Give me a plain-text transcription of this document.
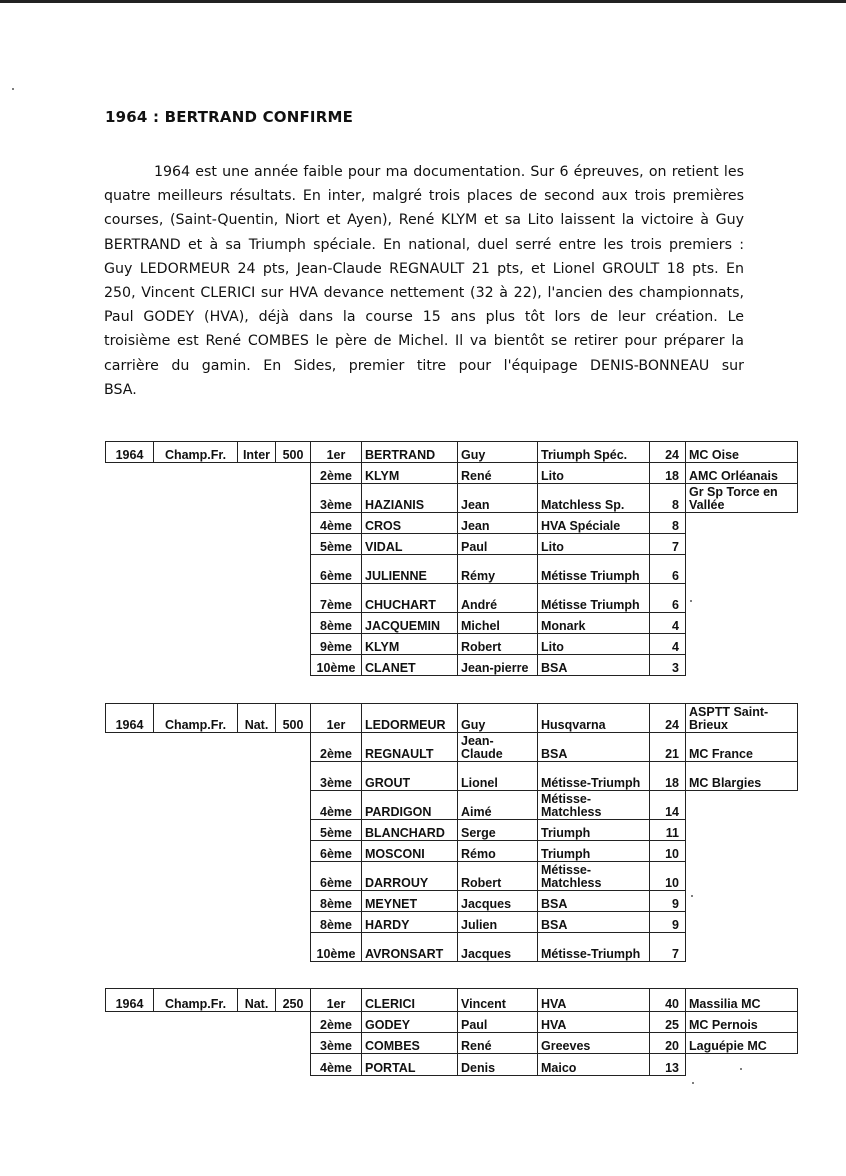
1964 : BERTRAND CONFIRME
1964 est une année faible pour ma documentation. Sur 6 épreuves, on retient les
quatre meilleurs résultats. En inter, malgré trois places de second aux trois premières
courses, (Saint-Quentin, Niort et Ayen), René KLYM et sa Lito laissent la victoire à Guy
BERTRAND et à sa Triumph spéciale. En national, duel serré entre les trois premiers :
Guy LEDORMEUR 24 pts, Jean-Claude REGNAULT 21 pts, et Lionel GROULT 18 pts. En
250, Vincent CLERICI sur HVA devance nettement (32 à 22), l'ancien des championnats,
Paul GODEY (HVA), déjà dans la course 15 ans plus tôt lors de leur création. Le
troisième est René COMBES le père de Michel. Il va bientôt se retirer pour préparer la
carrière du gamin. En Sides, premier titre pour l'équipage DENIS-BONNEAU sur
BSA.
1964	Champ.Fr.	Inter	500	1er	BERTRAND	Guy	Triumph Spéc.	24	MC Oise
				2ème	KLYM	René	Lito	18	AMC Orléanais
				3ème	HAZIANIS	Jean	Matchless Sp.	8	Gr Sp Torce en Vallée
				4ème	CROS	Jean	HVA Spéciale	8	
				5ème	VIDAL	Paul	Lito	7	
				6ème	JULIENNE	Rémy	Métisse Triumph	6	
				7ème	CHUCHART	André	Métisse Triumph	6	
				8ème	JACQUEMIN	Michel	Monark	4	
				9ème	KLYM	Robert	Lito	4	
				10ème	CLANET	Jean-pierre	BSA	3	
1964	Champ.Fr.	Nat.	500	1er	LEDORMEUR	Guy	Husqvarna	24	ASPTT Saint-Brieux
				2ème	REGNAULT	Jean-Claude	BSA	21	MC France
				3ème	GROUT	Lionel	Métisse-Triumph	18	MC Blargies
				4ème	PARDIGON	Aimé	Métisse-Matchless	14	
				5ème	BLANCHARD	Serge	Triumph	11	
				6ème	MOSCONI	Rémo	Triumph	10	
				6ème	DARROUY	Robert	Métisse-Matchless	10	
				8ème	MEYNET	Jacques	BSA	9	
				8ème	HARDY	Julien	BSA	9	
				10ème	AVRONSART	Jacques	Métisse-Triumph	7	
1964	Champ.Fr.	Nat.	250	1er	CLERICI	Vincent	HVA	40	Massilia MC
				2ème	GODEY	Paul	HVA	25	MC Pernois
				3ème	COMBES	René	Greeves	20	Laguépie MC
				4ème	PORTAL	Denis	Maico	13	
